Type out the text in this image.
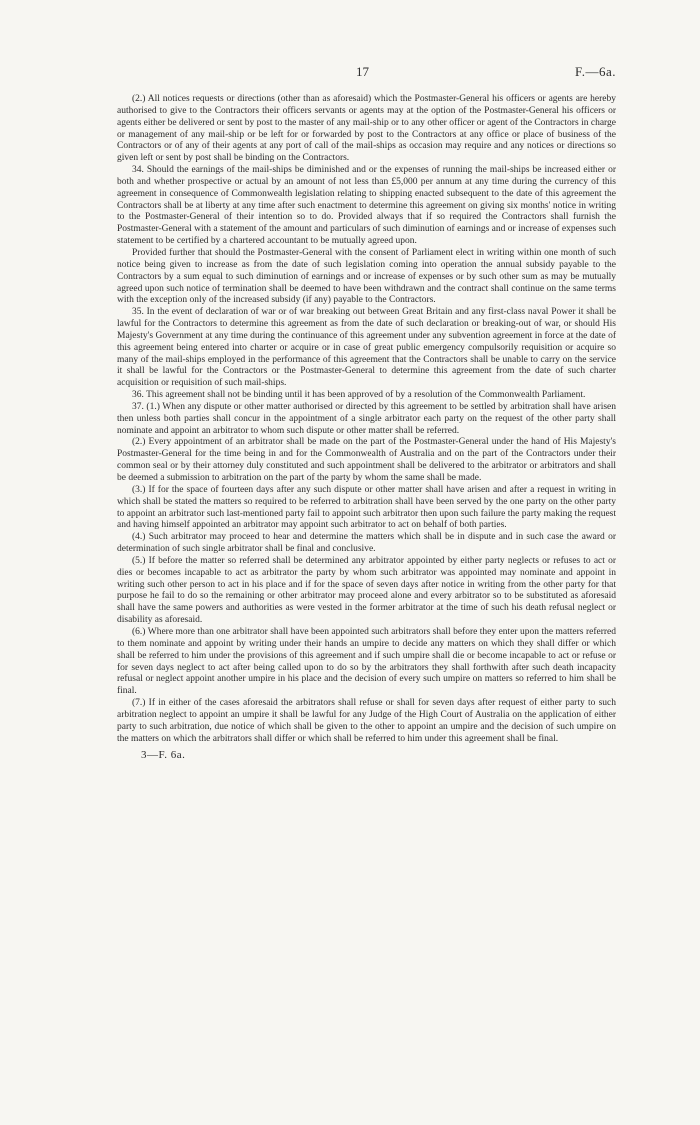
17	F.—6a.

(2.) All notices requests or directions (other than as aforesaid) which the Postmaster-General his officers or agents are hereby authorised to give to the Contractors their officers servants or agents may at the option of the Postmaster-General his officers or agents either be delivered or sent by post to the master of any mail-ship or to any other officer or agent of the Contractors in charge or management of any mail-ship or be left for or forwarded by post to the Contractors at any office or place of business of the Contractors or of any of their agents at any port of call of the mail-ships as occasion may require and any notices or directions so given left or sent by post shall be binding on the Contractors.

34. Should the earnings of the mail-ships be diminished and or the expenses of running the mail-ships be increased either or both and whether prospective or actual by an amount of not less than £5,000 per annum at any time during the currency of this agreement in consequence of Commonwealth legislation relating to shipping enacted subsequent to the date of this agreement the Contractors shall be at liberty at any time after such enactment to determine this agreement on giving six months' notice in writing to the Postmaster-General of their intention so to do. Provided always that if so required the Contractors shall furnish the Postmaster-General with a statement of the amount and particulars of such diminution of earnings and or increase of expenses such statement to be certified by a chartered accountant to be mutually agreed upon.

Provided further that should the Postmaster-General with the consent of Parliament elect in writing within one month of such notice being given to increase as from the date of such legislation coming into operation the annual subsidy payable to the Contractors by a sum equal to such diminution of earnings and or increase of expenses or by such other sum as may be mutually agreed upon such notice of termination shall be deemed to have been withdrawn and the contract shall continue on the same terms with the exception only of the increased subsidy (if any) payable to the Contractors.

35. In the event of declaration of war or of war breaking out between Great Britain and any first-class naval Power it shall be lawful for the Contractors to determine this agreement as from the date of such declaration or breaking-out of war, or should His Majesty's Government at any time during the continuance of this agreement under any subvention agreement in force at the date of this agreement being entered into charter or acquire or in case of great public emergency compulsorily requisition or acquire so many of the mail-ships employed in the performance of this agreement that the Contractors shall be unable to carry on the service it shall be lawful for the Contractors or the Postmaster-General to determine this agreement from the date of such charter acquisition or requisition of such mail-ships.

36. This agreement shall not be binding until it has been approved of by a resolution of the Commonwealth Parliament.

37. (1.) When any dispute or other matter authorised or directed by this agreement to be settled by arbitration shall have arisen then unless both parties shall concur in the appointment of a single arbitrator each party on the request of the other party shall nominate and appoint an arbitrator to whom such dispute or other matter shall be referred.

(2.) Every appointment of an arbitrator shall be made on the part of the Postmaster-General under the hand of His Majesty's Postmaster-General for the time being in and for the Commonwealth of Australia and on the part of the Contractors under their common seal or by their attorney duly constituted and such appointment shall be delivered to the arbitrator or arbitrators and shall be deemed a submission to arbitration on the part of the party by whom the same shall be made.

(3.) If for the space of fourteen days after any such dispute or other matter shall have arisen and after a request in writing in which shall be stated the matters so required to be referred to arbitration shall have been served by the one party on the other party to appoint an arbitrator such last-mentioned party fail to appoint such arbitrator then upon such failure the party making the request and having himself appointed an arbitrator may appoint such arbitrator to act on behalf of both parties.

(4.) Such arbitrator may proceed to hear and determine the matters which shall be in dispute and in such case the award or determination of such single arbitrator shall be final and conclusive.

(5.) If before the matter so referred shall be determined any arbitrator appointed by either party neglects or refuses to act or dies or becomes incapable to act as arbitrator the party by whom such arbitrator was appointed may nominate and appoint in writing such other person to act in his place and if for the space of seven days after notice in writing from the other party for that purpose he fail to do so the remaining or other arbitrator may proceed alone and every arbitrator so to be substituted as aforesaid shall have the same powers and authorities as were vested in the former arbitrator at the time of such his death refusal neglect or disability as aforesaid.

(6.) Where more than one arbitrator shall have been appointed such arbitrators shall before they enter upon the matters referred to them nominate and appoint by writing under their hands an umpire to decide any matters on which they shall differ or which shall be referred to him under the provisions of this agreement and if such umpire shall die or become incapable to act or refuse or for seven days neglect to act after being called upon to do so by the arbitrators they shall forthwith after such death incapacity refusal or neglect appoint another umpire in his place and the decision of every such umpire on matters so referred to him shall be final.

(7.) If in either of the cases aforesaid the arbitrators shall refuse or shall for seven days after request of either party to such arbitration neglect to appoint an umpire it shall be lawful for any Judge of the High Court of Australia on the application of either party to such arbitration, due notice of which shall be given to the other to appoint an umpire and the decision of such umpire on the matters on which the arbitrators shall differ or which shall be referred to him under this agreement shall be final.

3—F. 6a.
